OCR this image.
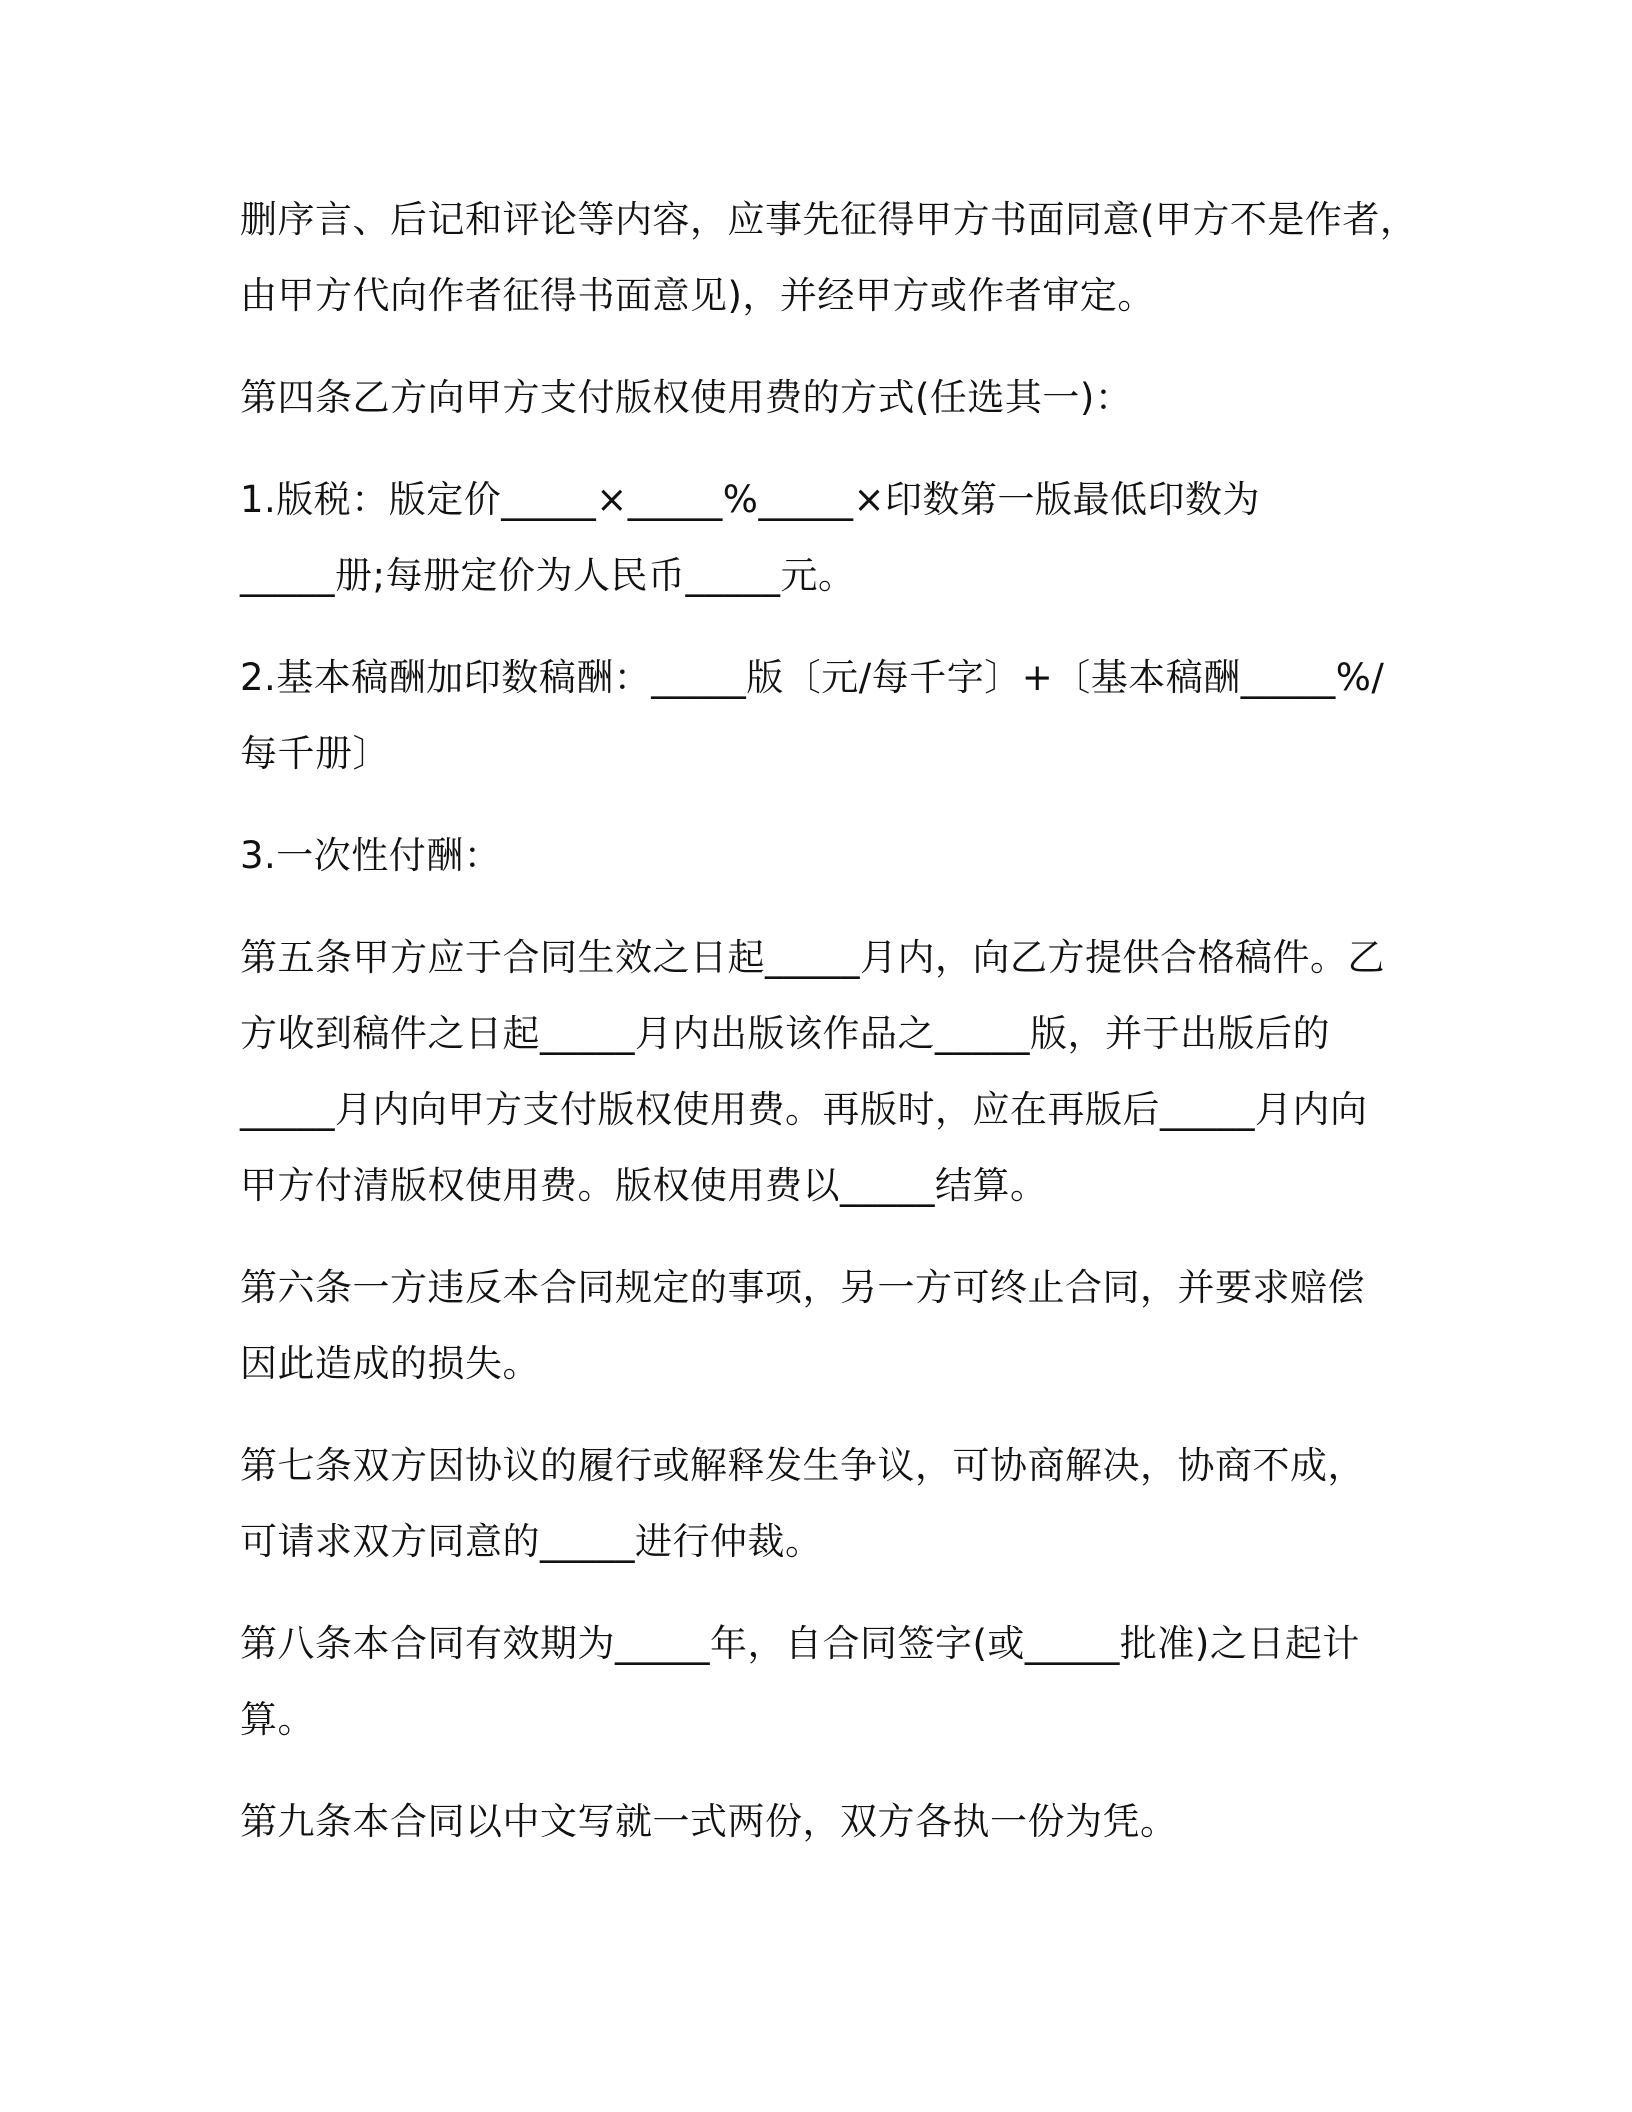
删序言、后记和评论等内容，应事先征得甲方书面同意(甲方不是作者，

由甲方代向作者征得书面意见)，并经甲方或作者审定。

第四条乙方向甲方支付版权使用费的方式(任选其一)：

1.版税：版定价_____×_____%_____×印数第一版最低印数为

_____册;每册定价为人民币_____元。

2.基本稿酬加印数稿酬：_____版〔元/每千字〕+〔基本稿酬_____%/

每千册〕

3.一次性付酬：

第五条甲方应于合同生效之日起_____月内，向乙方提供合格稿件。乙

方收到稿件之日起_____月内出版该作品之_____版，并于出版后的

_____月内向甲方支付版权使用费。再版时，应在再版后_____月内向

甲方付清版权使用费。版权使用费以_____结算。

第六条一方违反本合同规定的事项，另一方可终止合同，并要求赔偿

因此造成的损失。

第七条双方因协议的履行或解释发生争议，可协商解决，协商不成，

可请求双方同意的_____进行仲裁。

第八条本合同有效期为_____年，自合同签字(或_____批准)之日起计

算。

第九条本合同以中文写就一式两份，双方各执一份为凭。
